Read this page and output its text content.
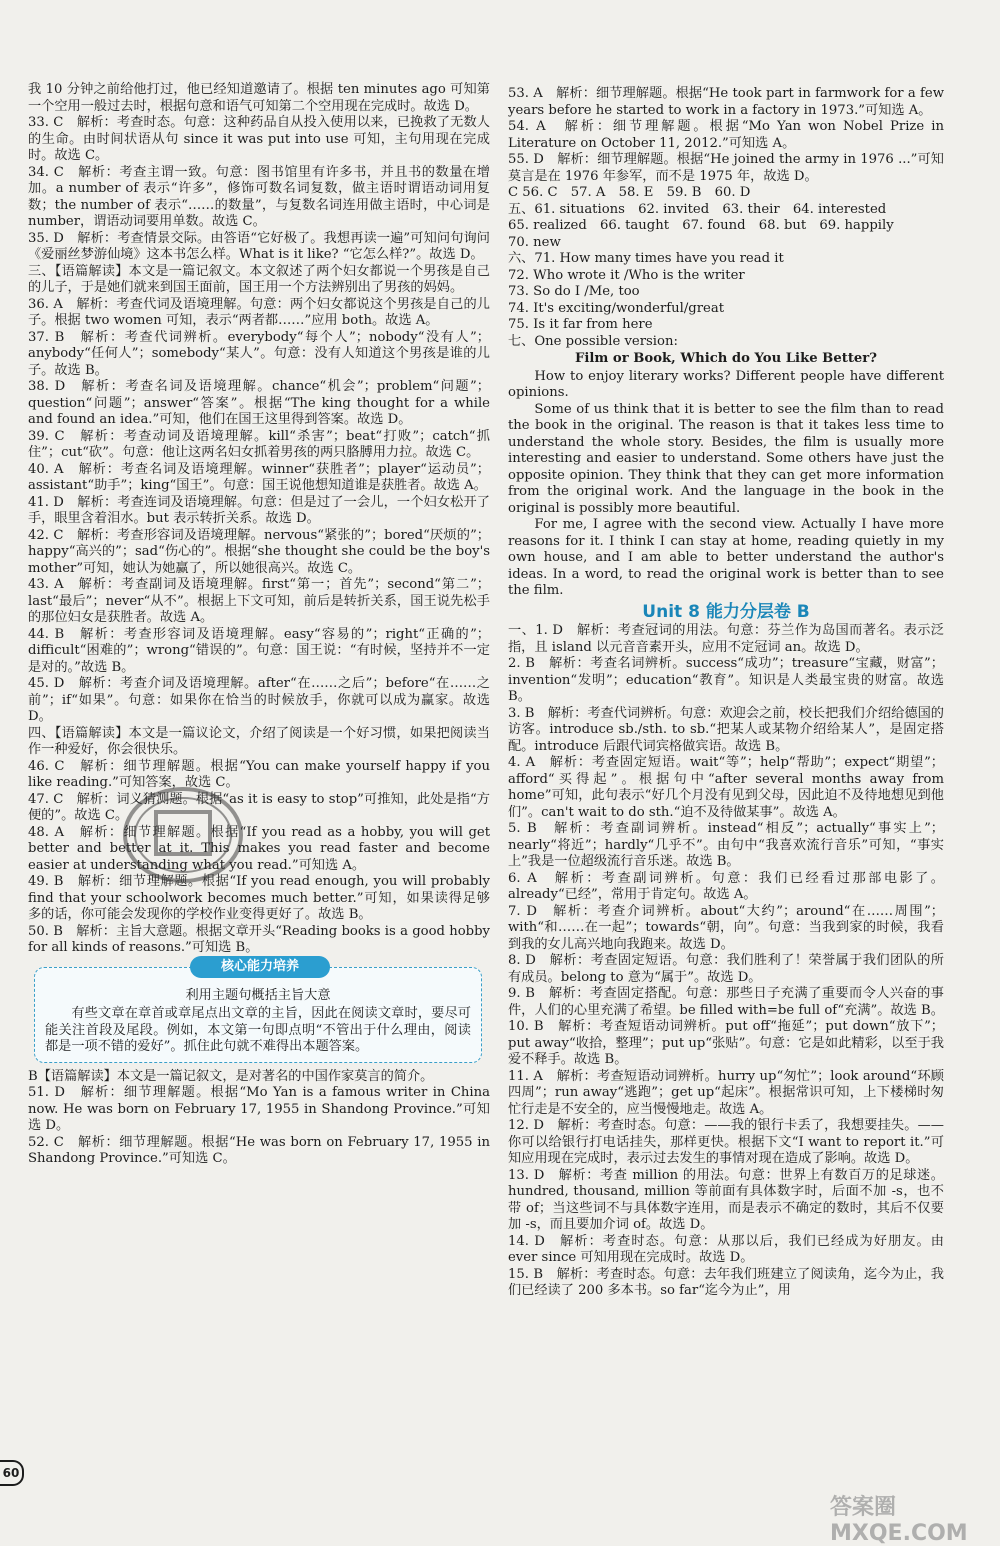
我 10 分钟之前给他打过，他已经知道邀请了。根据 ten minutes ago 可知第一个空用一般过去时，根据句意和语气可知第二个空用现在完成时。故选 D。

33. C　解析：考查时态。句意：这种药品自从投入使用以来，已挽救了无数人的生命。由时间状语从句 since it was put into use 可知，主句用现在完成时。故选 C。

34. C　解析：考查主谓一致。句意：图书馆里有许多书，并且书的数量在增加。a number of 表示“许多”，修饰可数名词复数，做主语时谓语动词用复数；the number of 表示“……的数量”，与复数名词连用做主语时，中心词是 number，谓语动词要用单数。故选 C。

35. D　解析：考查情景交际。由答语“它好极了。我想再读一遍”可知问句询问《爱丽丝梦游仙境》这本书怎么样。What is it like? “它怎么样?”。故选 D。

三、【语篇解读】本文是一篇记叙文。本文叙述了两个妇女都说一个男孩是自己的儿子，于是她们就来到国王面前，国王用一个方法辨别出了男孩的妈妈。

36. A　解析：考查代词及语境理解。句意：两个妇女都说这个男孩是自己的儿子。根据 two women 可知，表示“两者都……”应用 both。故选 A。

37. B　解析：考查代词辨析。everybody“每个人”；nobody“没有人”；anybody“任何人”；somebody“某人”。句意：没有人知道这个男孩是谁的儿子。故选 B。

38. D　解析：考查名词及语境理解。chance“机会”；problem“问题”；question“问题”；answer“答案”。根据“The king thought for a while and found an idea.”可知，他们在国王这里得到答案。故选 D。

39. C　解析：考查动词及语境理解。kill“杀害”；beat“打败”；catch“抓住”；cut“砍”。句意：他让这两名妇女抓着男孩的两只胳膊用力拉。故选 C。

40. A　解析：考查名词及语境理解。winner“获胜者”；player“运动员”；assistant“助手”；king“国王”。句意：国王说他想知道谁是获胜者。故选 A。

41. D　解析：考查连词及语境理解。句意：但是过了一会儿，一个妇女松开了手，眼里含着泪水。but 表示转折关系。故选 D。

42. C　解析：考查形容词及语境理解。nervous“紧张的”；bored“厌烦的”；happy“高兴的”；sad“伤心的”。根据“she thought she could be the boy's mother”可知，她认为她赢了，所以她很高兴。故选 C。

43. A　解析：考查副词及语境理解。first“第一；首先”；second“第二”；last“最后”；never“从不”。根据上下文可知，前后是转折关系，国王说先松手的那位妇女是获胜者。故选 A。

44. B　解析：考查形容词及语境理解。easy“容易的”；right“正确的”；difficult“困难的”；wrong“错误的”。句意：国王说：“有时候，坚持并不一定是对的。”故选 B。

45. D　解析：考查介词及语境理解。after“在……之后”；before“在……之前”；if“如果”。句意：如果你在恰当的时候放手，你就可以成为赢家。故选 D。

四、【语篇解读】本文是一篇议论文，介绍了阅读是一个好习惯，如果把阅读当作一种爱好，你会很快乐。

46. C　解析：细节理解题。根据“You can make yourself happy if you like reading.”可知答案，故选 C。

47. C　解析：词义猜测题。根据“as it is easy to stop”可推知，此处是指“方便的”。故选 C。

48. A　解析：细节理解题。根据“If you read as a hobby, you will get better and better at it. This makes you read faster and become easier at understanding what you read.”可知选 A。

49. B　解析：细节理解题。根据“If you read enough, you will probably find that your schoolwork becomes much better.”可知，如果读得足够多的话，你可能会发现你的学校作业变得更好了。故选 B。

50. B　解析：主旨大意题。根据文章开头“Reading books is a good hobby for all kinds of reasons.”可知选 B。

核心能力培养
利用主题句概括主旨大意

有些文章在章首或章尾点出文章的主旨，因此在阅读文章时，要尽可能关注首段及尾段。例如，本文第一句即点明“不管出于什么理由，阅读都是一项不错的爱好”。抓住此句就不难得出本题答案。

B【语篇解读】本文是一篇记叙文，是对著名的中国作家莫言的简介。

51. D　解析：细节理解题。根据“Mo Yan is a famous writer in China now. He was born on February 17, 1955 in Shandong Province.”可知选 D。

52. C　解析：细节理解题。根据“He was born on February 17, 1955 in Shandong Province.”可知选 C。

53. A　解析：细节理解题。根据“He took part in farmwork for a few years before he started to work in a factory in 1973.”可知选 A。

54. A　解析：细节理解题。根据“Mo Yan won Nobel Prize in Literature on October 11, 2012.”可知选 A。

55. D　解析：细节理解题。根据“He joined the army in 1976 ...”可知莫言是在 1976 年参军，而不是 1975 年，故选 D。

C 56. C　57. A　58. E　59. B　60. D

五、61. situations　62. invited　63. their　64. interested

65. realized　66. taught　67. found　68. but　69. happily

70. new

六、71. How many times have you read it

72. Who wrote it /Who is the writer

73. So do I /Me, too

74. It's exciting/wonderful/great

75. Is it far from here

七、One possible version:

Film or Book, Which do You Like Better?

How to enjoy literary works? Different people have different opinions.

Some of us think that it is better to see the film than to read the book in the original. The reason is that it takes less time to understand the whole story. Besides, the film is usually more interesting and easier to understand. Some others have just the opposite opinion. They think that they can get more information from the original work. And the language in the book in the original is possibly more beautiful.

For me, I agree with the second view. Actually I have more reasons for it. I think I can stay at home, reading quietly in my own house, and I am able to better understand the author's ideas. In a word, to read the original work is better than to see the film.

Unit 8 能力分层卷 B

一、1. D　解析：考查冠词的用法。句意：芬兰作为岛国而著名。表示泛指，且 island 以元音音素开头，应用不定冠词 an。故选 D。

2. B　解析：考查名词辨析。success“成功”；treasure“宝藏，财富”；invention“发明”；education“教育”。知识是人类最宝贵的财富。故选 B。

3. B　解析：考查代词辨析。句意：欢迎会之前，校长把我们介绍给德国的访客。introduce sb./sth. to sb.“把某人或某物介绍给某人”，是固定搭配。introduce 后跟代词宾格做宾语。故选 B。

4. A　解析：考查固定短语。wait“等”；help“帮助”；expect“期望”；afford“买得起”。根据句中“after several months away from home”可知，此句表示“好几个月没有见到父母，因此迫不及待地想见到他们”。can't wait to do sth.“迫不及待做某事”。故选 A。

5. B　解析：考查副词辨析。instead“相反”；actually“事实上”；nearly“将近”；hardly“几乎不”。由句中“我喜欢流行音乐”可知，“事实上”我是一位超级流行音乐迷。故选 B。

6. A　解析：考查副词辨析。句意：我们已经看过那部电影了。already“已经”，常用于肯定句。故选 A。

7. D　解析：考查介词辨析。about“大约”；around“在……周围”；with“和……在一起”；towards“朝，向”。句意：当我到家的时候，我看到我的女儿高兴地向我跑来。故选 D。

8. D　解析：考查固定短语。句意：我们胜利了！荣誉属于我们团队的所有成员。belong to 意为“属于”。故选 D。

9. B　解析：考查固定搭配。句意：那些日子充满了重要而令人兴奋的事件，人们的心里充满了希望。be filled with=be full of“充满”。故选 B。

10. B　解析：考查短语动词辨析。put off“拖延”；put down“放下”；put away“收拾，整理”；put up“张贴”。句意：它是如此精彩，以至于我爱不释手。故选 B。

11. A　解析：考查短语动词辨析。hurry up“匆忙”；look around“环顾四周”；run away“逃跑”；get up“起床”。根据常识可知，上下楼梯时匆忙行走是不安全的，应当慢慢地走。故选 A。

12. D　解析：考查时态。句意：——我的银行卡丢了，我想要挂失。——你可以给银行打电话挂失，那样更快。根据下文“I want to report it.”可知应用现在完成时，表示过去发生的事情对现在造成了影响。故选 D。

13. D　解析：考查 million 的用法。句意：世界上有数百万的足球迷。hundred, thousand, million 等前面有具体数字时，后面不加 -s，也不带 of；当这些词不与具体数字连用，而是表示不确定的数时，其后不仅要加 -s，而且要加介词 of。故选 D。

14. D　解析：考查时态。句意：从那以后，我们已经成为好朋友。由 ever since 可知用现在完成时。故选 D。

15. B　解析：考查时态。句意：去年我们班建立了阅读角，迄今为止，我们已经读了 200 多本书。so far“迄今为止”，用

60
答案圈 MXQE.COM
